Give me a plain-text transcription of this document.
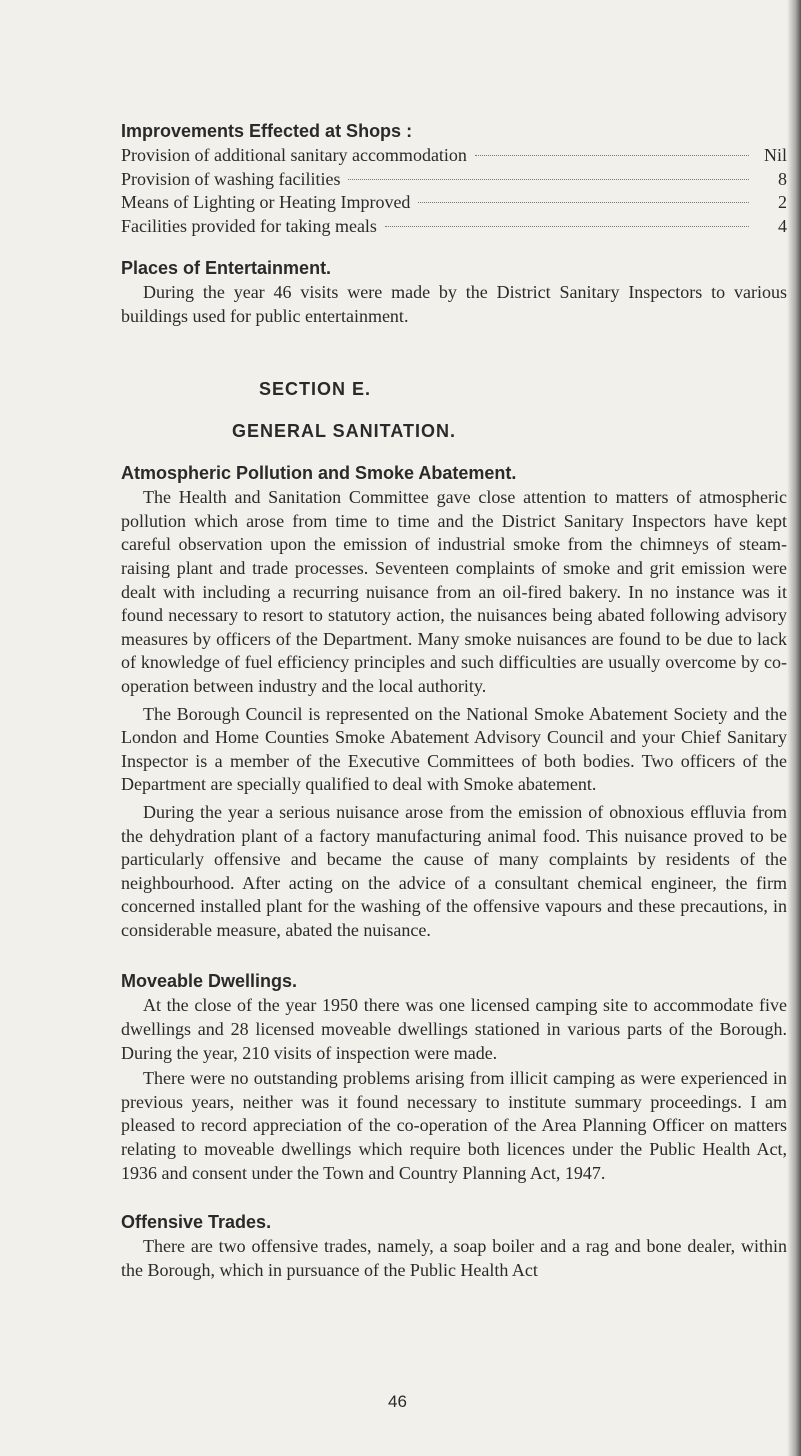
Improvements Effected at Shops :
Provision of additional sanitary accommodation	Nil
Provision of washing facilities	8
Means of Lighting or Heating Improved	2
Facilities provided for taking meals	4
Places of Entertainment.

During the year 46 visits were made by the District Sanitary Inspectors to various buildings used for public entertainment.

SECTION E.
GENERAL SANITATION.
Atmospheric Pollution and Smoke Abatement.

The Health and Sanitation Committee gave close attention to matters of atmospheric pollution which arose from time to time and the District Sanitary Inspectors have kept careful observation upon the emission of industrial smoke from the chimneys of steam-raising plant and trade processes. Seventeen complaints of smoke and grit emission were dealt with including a recurring nuisance from an oil-fired bakery. In no instance was it found necessary to resort to statutory action, the nuisances being abated following advisory measures by officers of the Department. Many smoke nuisances are found to be due to lack of knowledge of fuel efficiency principles and such difficulties are usually overcome by co-operation between industry and the local authority.

The Borough Council is represented on the National Smoke Abatement Society and the London and Home Counties Smoke Abatement Advisory Council and your Chief Sanitary Inspector is a member of the Executive Committees of both bodies. Two officers of the Department are specially qualified to deal with Smoke abatement.

During the year a serious nuisance arose from the emission of obnoxious effluvia from the dehydration plant of a factory manufacturing animal food. This nuisance proved to be particularly offensive and became the cause of many complaints by residents of the neighbourhood. After acting on the advice of a consultant chemical engineer, the firm concerned installed plant for the washing of the offensive vapours and these precautions, in considerable measure, abated the nuisance.

Moveable Dwellings.

At the close of the year 1950 there was one licensed camping site to accommodate five dwellings and 28 licensed moveable dwellings stationed in various parts of the Borough. During the year, 210 visits of inspection were made.

There were no outstanding problems arising from illicit camping as were experienced in previous years, neither was it found necessary to institute summary proceedings. I am pleased to record appreciation of the co-operation of the Area Planning Officer on matters relating to moveable dwellings which require both licences under the Public Health Act, 1936 and consent under the Town and Country Planning Act, 1947.

Offensive Trades.

There are two offensive trades, namely, a soap boiler and a rag and bone dealer, within the Borough, which in pursuance of the Public Health Act

46
